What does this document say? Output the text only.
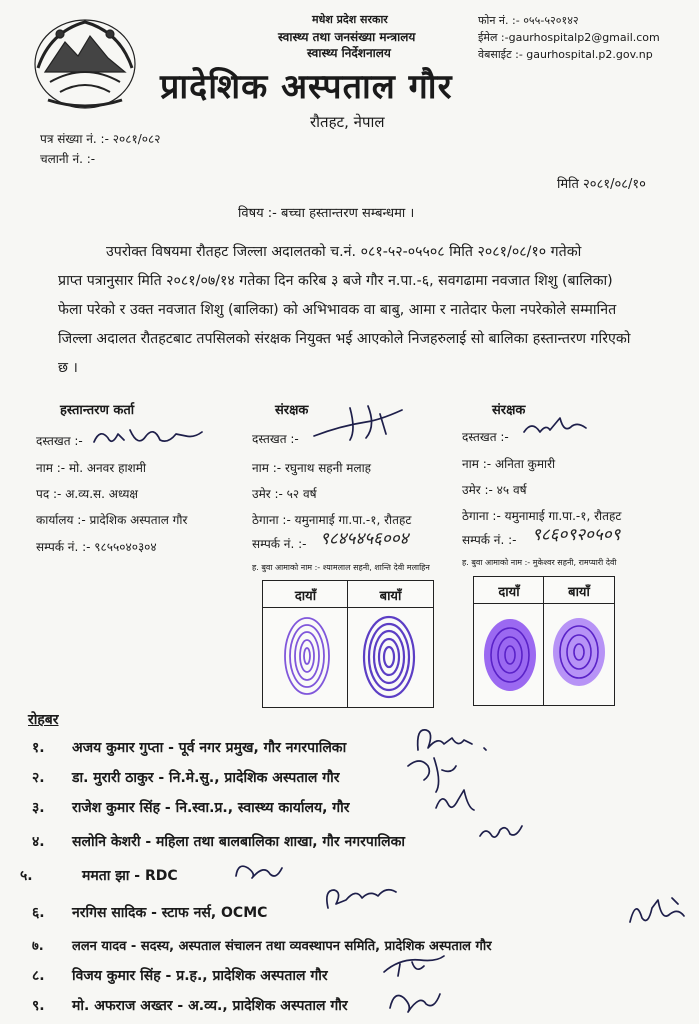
मधेश प्रदेश सरकार
स्वास्थ्य तथा जनसंख्या मन्त्रालय
स्वास्थ्य निर्देशनालय
प्रादेशिक अस्पताल गौर
रौतहट, नेपाल
फोन नं. :- ०५५-५२०१४२
ईमेल :-gaurhospitalp2@gmail.com
वेबसाईट :- gaurhospital.p2.gov.np
पत्र संख्या नं. :- २०८१/०८२
चलानी नं. :-
मिति २०८१/०८/१०
विषय :- बच्चा हस्तान्तरण सम्बन्धमा ।
उपरोक्त विषयमा रौतहट जिल्ला अदालतको च.नं. ०८१-५२-०५५०८ मिति २०८१/०८/१० गतेको
प्राप्त पत्रानुसार मिति २०८१/०७/१४ गतेका दिन करिब ३ बजे गौर न.पा.-६, सवगढामा नवजात शिशु (बालिका)
फेला परेको र उक्त नवजात शिशु (बालिका) को अभिभावक वा बाबु, आमा र नातेदार फेला नपरेकोले सम्मानित
जिल्ला अदालत रौतहटबाट तपसिलको संरक्षक नियुक्त भई आएकोले निजहरुलाई सो बालिका हस्तान्तरण गरिएको
छ ।
हस्तान्तरण कर्ता
दस्तखत :-
नाम :- मो. अनवर हाशमी
पद :- अ.व्य.स. अध्यक्ष
कार्यालय :- प्रादेशिक अस्पताल गौर
सम्पर्क नं. :- ९८५५०४०३०४
संरक्षक
दस्तखत :-
नाम :- रघुनाथ सहनी मलाह
उमेर :- ५२ वर्ष
ठेगाना :- यमुनामाई गा.पा.-१, रौतहट
सम्पर्क नं. :- ९८४५४५६००४
ह. बुवा आमाको नाम :- श्यामलाल सहनी, शान्ति देवी मलाहिन
संरक्षक
दस्तखत :-
नाम :- अनिता कुमारी
उमेर :- ४५ वर्ष
ठेगाना :- यमुनामाई गा.पा.-१, रौतहट
सम्पर्क नं. :- ९८६०९२०५०९
ह. बुवा आमाको नाम :- मुकेश्वर सहनी, रामप्यारी देवी
दायाँ	बायाँ	दायाँ	बायाँ
रोहबर
१. अजय कुमार गुप्ता - पूर्व नगर प्रमुख, गौर नगरपालिका
२. डा. मुरारी ठाकुर - नि.मे.सु., प्रादेशिक अस्पताल गौर
३. राजेश कुमार सिंह - नि.स्वा.प्र., स्वास्थ्य कार्यालय, गौर
४. सलोनि केशरी - महिला तथा बालबालिका शाखा, गौर नगरपालिका
५.	ममता झा - RDC
६. नरगिस सादिक - स्टाफ नर्स, OCMC
७. ललन यादव - सदस्य, अस्पताल संचालन तथा व्यवस्थापन समिति, प्रादेशिक अस्पताल गौर
८. विजय कुमार सिंह - प्र.ह., प्रादेशिक अस्पताल गौर
९. मो. अफराज अख्तर - अ.व्य., प्रादेशिक अस्पताल गौर
